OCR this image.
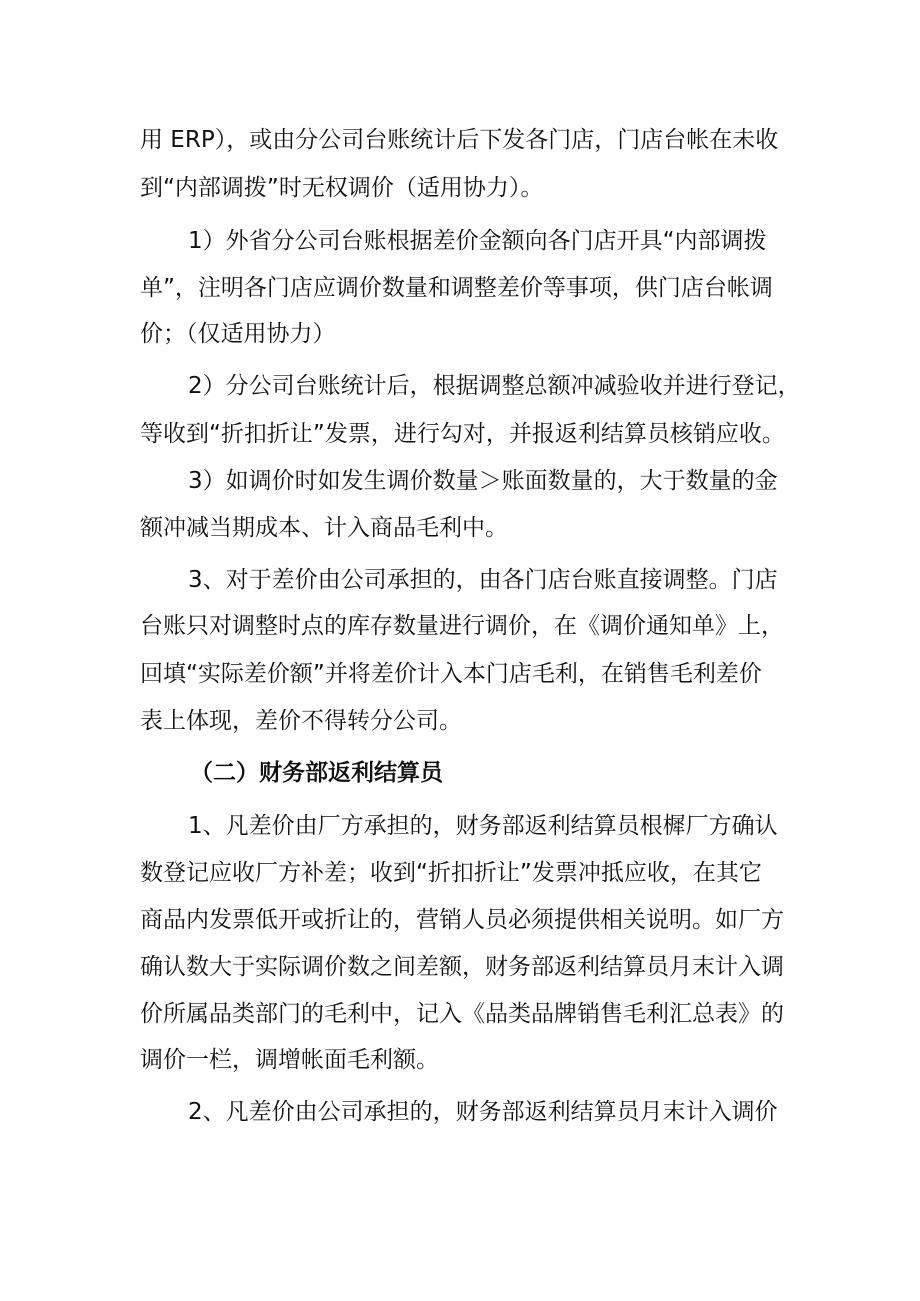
用 ERP），或由分公司台账统计后下发各门店，门店台帐在未收
到“内部调拨”时无权调价（适用协力）。
1）外省分公司台账根据差价金额向各门店开具“内部调拨
单”，注明各门店应调价数量和调整差价等事项，供门店台帐调
价；（仅适用协力）
2）分公司台账统计后，根据调整总额冲减验收并进行登记，
等收到“折扣折让”发票，进行勾对，并报返利结算员核销应收。
3）如调价时如发生调价数量＞账面数量的，大于数量的金
额冲减当期成本、计入商品毛利中。
3、对于差价由公司承担的，由各门店台账直接调整。门店
台账只对调整时点的库存数量进行调价，在《调价通知单》上，
回填“实际差价额”并将差价计入本门店毛利，在销售毛利差价
表上体现，差价不得转分公司。
（二）财务部返利结算员
1、凡差价由厂方承担的，财务部返利结算员根樨厂方确认
数登记应收厂方补差；收到“折扣折让”发票冲抵应收，在其它
商品内发票低开或折让的，营销人员必须提供相关说明。如厂方
确认数大于实际调价数之间差额，财务部返利结算员月末计入调
价所属品类部门的毛利中，记入《品类品牌销售毛利汇总表》的
调价一栏，调增帐面毛利额。
2、凡差价由公司承担的，财务部返利结算员月末计入调价
